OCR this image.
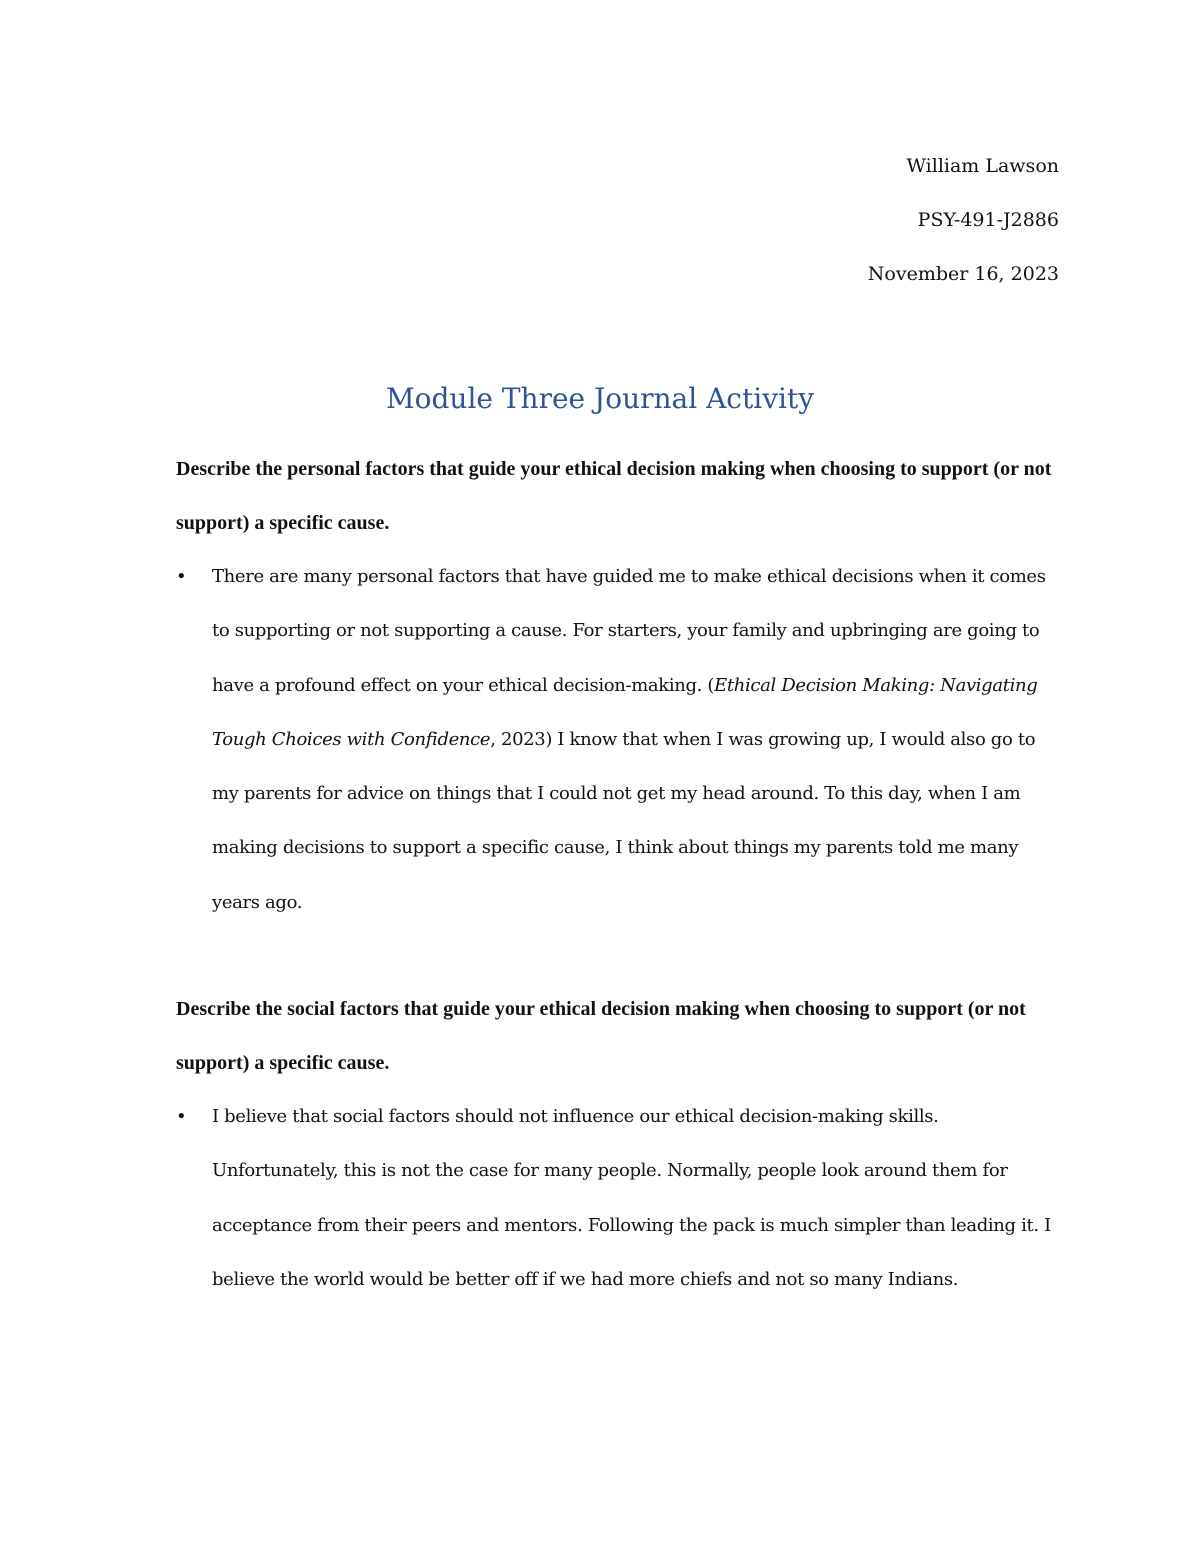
William Lawson
PSY-491-J2886
November 16, 2023
Module Three Journal Activity

Describe the personal factors that guide your ethical decision making when choosing to support (or not support) a specific cause.

• There are many personal factors that have guided me to make ethical decisions when it comes to supporting or not supporting a cause. For starters, your family and upbringing are going to have a profound effect on your ethical decision-making. (Ethical Decision Making: Navigating Tough Choices with Confidence, 2023) I know that when I was growing up, I would also go to my parents for advice on things that I could not get my head around. To this day, when I am making decisions to support a specific cause, I think about things my parents told me many years ago.

Describe the social factors that guide your ethical decision making when choosing to support (or not support) a specific cause.

• I believe that social factors should not influence our ethical decision-making skills. Unfortunately, this is not the case for many people. Normally, people look around them for acceptance from their peers and mentors. Following the pack is much simpler than leading it. I believe the world would be better off if we had more chiefs and not so many Indians.
